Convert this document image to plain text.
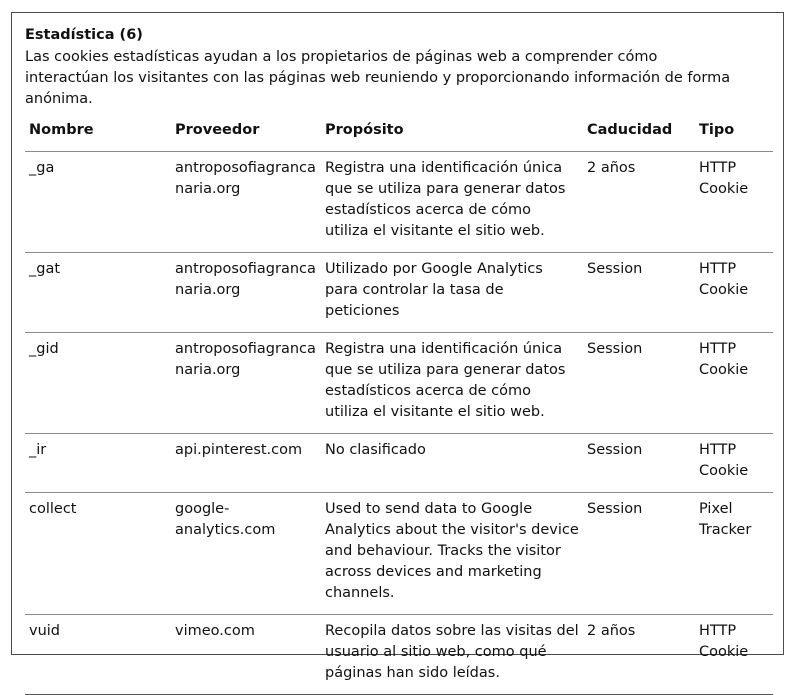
Estadística (6)

Las cookies estadísticas ayudan a los propietarios de páginas web a comprender cómo interactúan los visitantes con las páginas web reuniendo y proporcionando información de forma anónima.

Nombre	Proveedor	Propósito	Caducidad	Tipo
_ga	antroposofiagrancanaria.org	Registra una identificación única que se utiliza para generar datos estadísticos acerca de cómo utiliza el visitante el sitio web.	2 años	HTTP Cookie
_gat	antroposofiagrancanaria.org	Utilizado por Google Analytics para controlar la tasa de peticiones	Session	HTTP Cookie
_gid	antroposofiagrancanaria.org	Registra una identificación única que se utiliza para generar datos estadísticos acerca de cómo utiliza el visitante el sitio web.	Session	HTTP Cookie
_ir	api.pinterest.com	No clasificado	Session	HTTP Cookie
collect	google-analytics.com	Used to send data to Google Analytics about the visitor's device and behaviour. Tracks the visitor across devices and marketing channels.	Session	Pixel Tracker
vuid	vimeo.com	Recopila datos sobre las visitas del usuario al sitio web, como qué páginas han sido leídas.	2 años	HTTP Cookie
